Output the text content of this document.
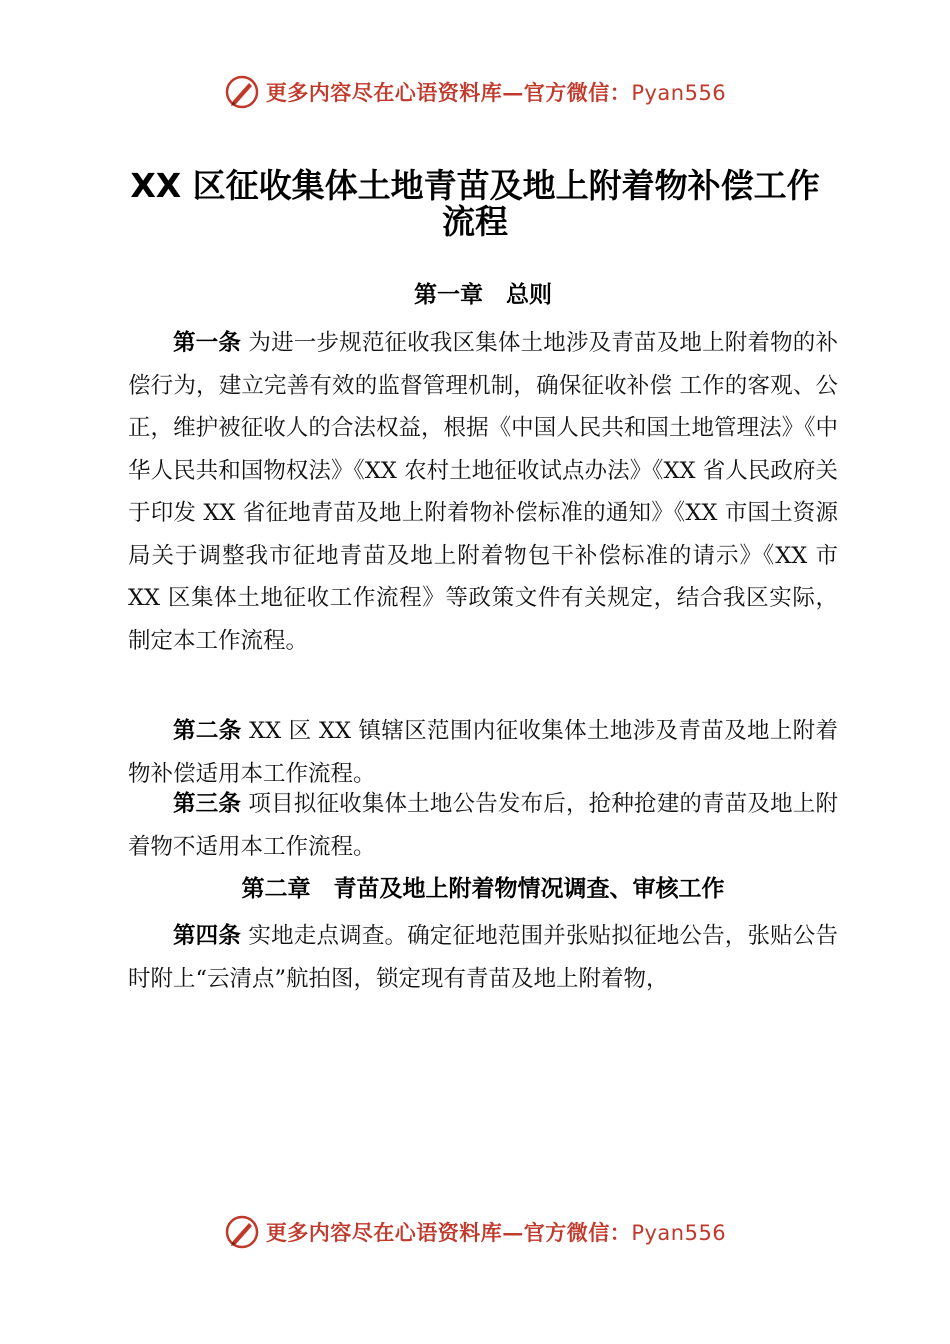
更多内容尽在心语资料库—官方微信：Pyan556
XX 区征收集体土地青苗及地上附着物补偿工作流程
第一章　总则
第一条 为进一步规范征收我区集体土地涉及青苗及地上附着物的补偿行为，建立完善有效的监督管理机制，确保征收补偿 工作的客观、公正，维护被征收人的合法权益，根据《中国人民共和国土地管理法》《中华人民共和国物权法》《XX 农村土地征收试点办法》《XX 省人民政府关于印发 XX 省征地青苗及地上附着物补偿标准的通知》《XX 市国土资源局关于调整我市征地青苗及地上附着物包干补偿标准的请示》《XX 市 XX 区集体土地征收工作流程》等政策文件有关规定，结合我区实际，制定本工作流程。
第二条 XX 区 XX 镇辖区范围内征收集体土地涉及青苗及地上附着物补偿适用本工作流程。
第三条 项目拟征收集体土地公告发布后，抢种抢建的青苗及地上附着物不适用本工作流程。
第二章　青苗及地上附着物情况调查、审核工作
第四条 实地走点调查。确定征地范围并张贴拟征地公告，张贴公告时附上“云清点”航拍图，锁定现有青苗及地上附着物，
更多内容尽在心语资料库—官方微信：Pyan556
